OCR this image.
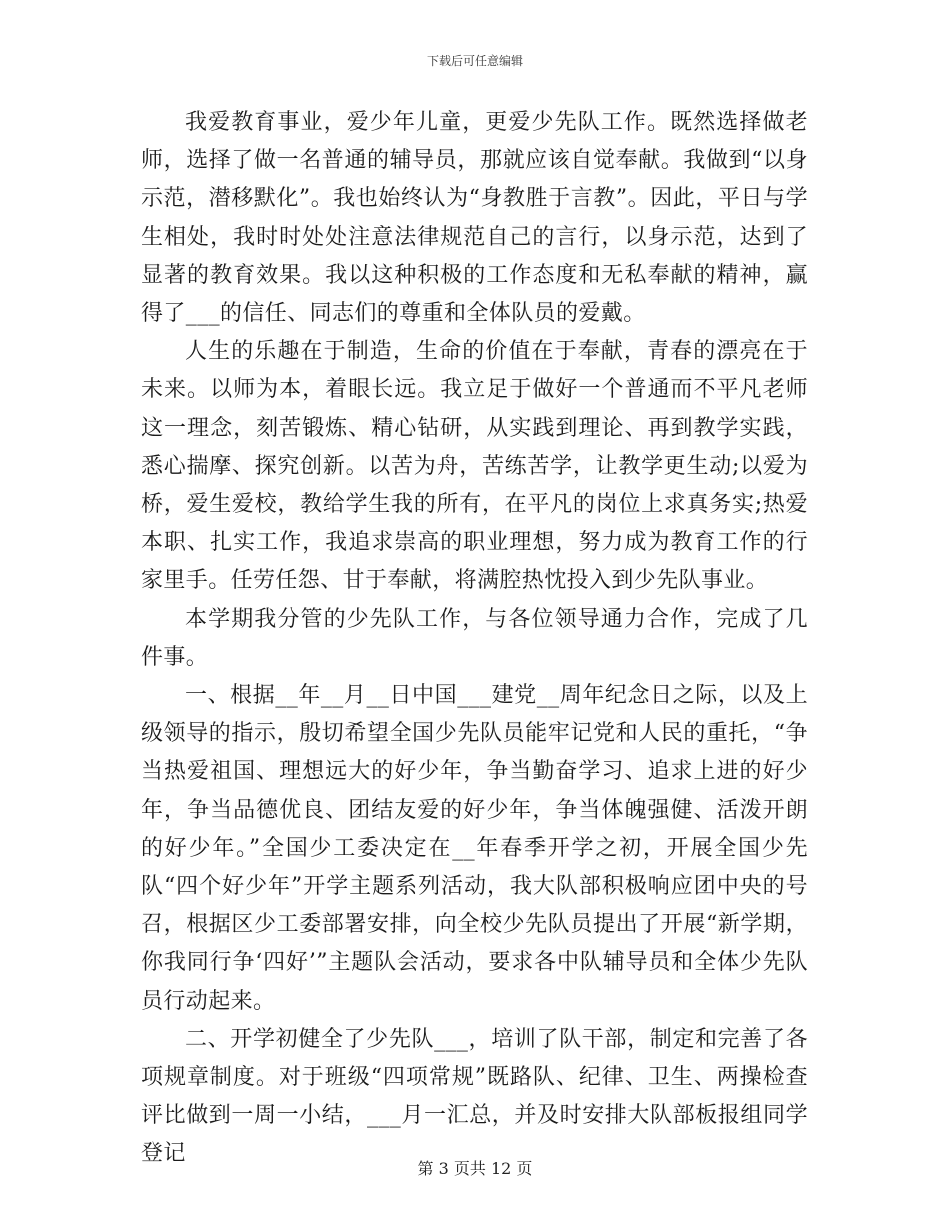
下载后可任意编辑

我爱教育事业，爱少年儿童，更爱少先队工作。既然选择做老师，选择了做一名普通的辅导员，那就应该自觉奉献。我做到“以身示范，潜移默化”。我也始终认为“身教胜于言教”。因此，平日与学生相处，我时时处处注意法律规范自己的言行，以身示范，达到了显著的教育效果。我以这种积极的工作态度和无私奉献的精神，赢得了___的信任、同志们的尊重和全体队员的爱戴。

人生的乐趣在于制造，生命的价值在于奉献，青春的漂亮在于未来。以师为本，着眼长远。我立足于做好一个普通而不平凡老师这一理念，刻苦锻炼、精心钻研，从实践到理论、再到教学实践，悉心揣摩、探究创新。以苦为舟，苦练苦学，让教学更生动;以爱为桥，爱生爱校，教给学生我的所有，在平凡的岗位上求真务实;热爱本职、扎实工作，我追求崇高的职业理想，努力成为教育工作的行家里手。任劳任怨、甘于奉献，将满腔热忱投入到少先队事业。

本学期我分管的少先队工作，与各位领导通力合作，完成了几件事。

一、根据__年__月__日中国___建党__周年纪念日之际，以及上级领导的指示，殷切希望全国少先队员能牢记党和人民的重托，“争当热爱祖国、理想远大的好少年，争当勤奋学习、追求上进的好少年，争当品德优良、团结友爱的好少年，争当体魄强健、活泼开朗的好少年。”全国少工委决定在__年春季开学之初，开展全国少先队“四个好少年”开学主题系列活动，我大队部积极响应团中央的号召，根据区少工委部署安排，向全校少先队员提出了开展“新学期，你我同行争‘四好’”主题队会活动，要求各中队辅导员和全体少先队员行动起来。

二、开学初健全了少先队___，培训了队干部，制定和完善了各项规章制度。对于班级“四项常规”既路队、纪律、卫生、两操检查评比做到一周一小结，___月一汇总，并及时安排大队部板报组同学登记

第 3 页共 12 页
